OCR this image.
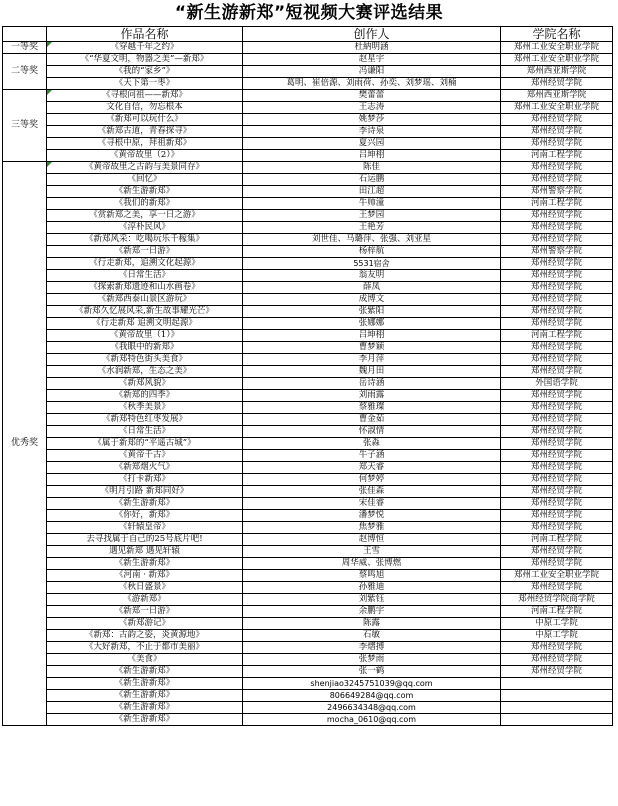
“新生游新郑”短视频大赛评选结果
	作品名称	创作人	学院名称
一等奖	《穿越千年之约》	杜納明涵	郑州工业安全职业学院
二等奖	《“华夏文明，物器之美”—新郑》	赵星宇	郑州工业安全职业学院
	《我的“家乡”》	冯谦阳	郑州西亚斯学院
	《天下第一枣》	葛明、崔倍源、刘雨荷、孙奕、刘梦瑶、刘楠	郑州经贸学院
三等奖	《寻根问祖——新郑》	樊蕾蕾	郑州西亚斯学院
	文化自信，勿忘根本	王志涛	郑州工业安全职业学院
	《新郑可以玩什么》	姚梦莎	郑州经贸学院
	《新郑古道，青春探寻》	李诗泉	郑州经贸学院
	《寻根中原，拜祖新郑》	夏兴园	郑州经贸学院
	《黄帝故里（2）》	吕坤栩	河南工程学院
优秀奖	《黄帝故里之古韵与美景同存》	陈佳	郑州经贸学院
	《回忆》	石运鹏	郑州经贸学院
	《新生游新郑》	田江超	郑州警察学院
	《我们的新郑》	牛帅潼	河南工程学院
	《赏新郑之美，享一日之游》	王梦园	郑州经贸学院
	《淳朴民风》	王艳芳	郑州经贸学院
	《新郑风采：吃喝玩乐千稼集》	刘世佳、马璐萍、张强、刘亚星	郑州经贸学院
	《新郑一日游》	杨梓航	郑州警察学院
	《行走新郑，追溯文化起源》	5531宿舍	郑州经贸学院
	《日常生活》	翁友明	郑州经贸学院
	《探索新郑遗迹和山水画卷》	薛凤	郑州经贸学院
	《新郑西泰山景区游玩》	成博文	郑州经贸学院
	《新郑久忆展风采,新生故事耀光芒》	张紫阳	郑州经贸学院
	《行走新郑 追溯文明起源》	张娜娜	郑州经贸学院
	《黄帝故里（1）》	吕坤栩	河南工程学院
	《我眼中的新郑》	曹梦颖	郑州经贸学院
	《新郑特色街头美食》	李月萍	郑州经贸学院
	《水润新郑，生态之美》	魏月田	郑州经贸学院
	《新郑风貌》	岳诗涵	外国语学院
	《新郑的四季》	刘雨露	郑州经贸学院
	《秋季美景》	蔡雅璨	郑州经贸学院
	《新郑特色红枣发展》	曹金茹	郑州经贸学院
	《日常生活》	怀淑情	郑州经贸学院
	《属于新郑的“平遥古城”》	张淼	郑州经贸学院
	《黄帝千古》	牛子涵	郑州经贸学院
	《新郑烟火气》	郑天睿	郑州经贸学院
	《打卡新郑》	何梦婷	郑州经贸学院
	《明月引路 新郑同好》	张佳森	郑州经贸学院
	《新生游新郑》	宋佳睿	郑州经贸学院
	《你好，新郑》	潘梦悦	郑州经贸学院
	《轩辕皇帝》	焦梦雅	郑州经贸学院
	去寻找属于自己的25号底片吧!	赵博恒	河南工程学院
	遇见新郑 遇见轩辕	王雪	郑州经贸学院
	《新生游新郑》	周华威、张博燃	郑州经贸学院
	《河南 · 新郑》	蔡鸣旭	郑州工业安全职业学院
	《秋日盛景》	孙雅迪	郑州经贸学院
	《游新郑》	刘紫钰	郑州经贸学院商学院
	《新郑一日游》	余鹏宇	河南工程学院
	《新郑游记》	陈露	中原工学院
	《新郑：古韵之姿，炎黄源地》	石敏	中原工学院
	《大好新郑，不止于都市美丽》	李熠搏	郑州经贸学院
	《美食》	张梦雨	郑州经贸学院
	《新生游新郑》	张一鹤	郑州经贸学院
	《新生游新郑》	shenjiao3245751039@qq.com	
	《新生游新郑》	806649284@qq.com	
	《新生游新郑》	2496634348@qq.com	
	《新生游新郑》	mocha_0610@qq.com	
